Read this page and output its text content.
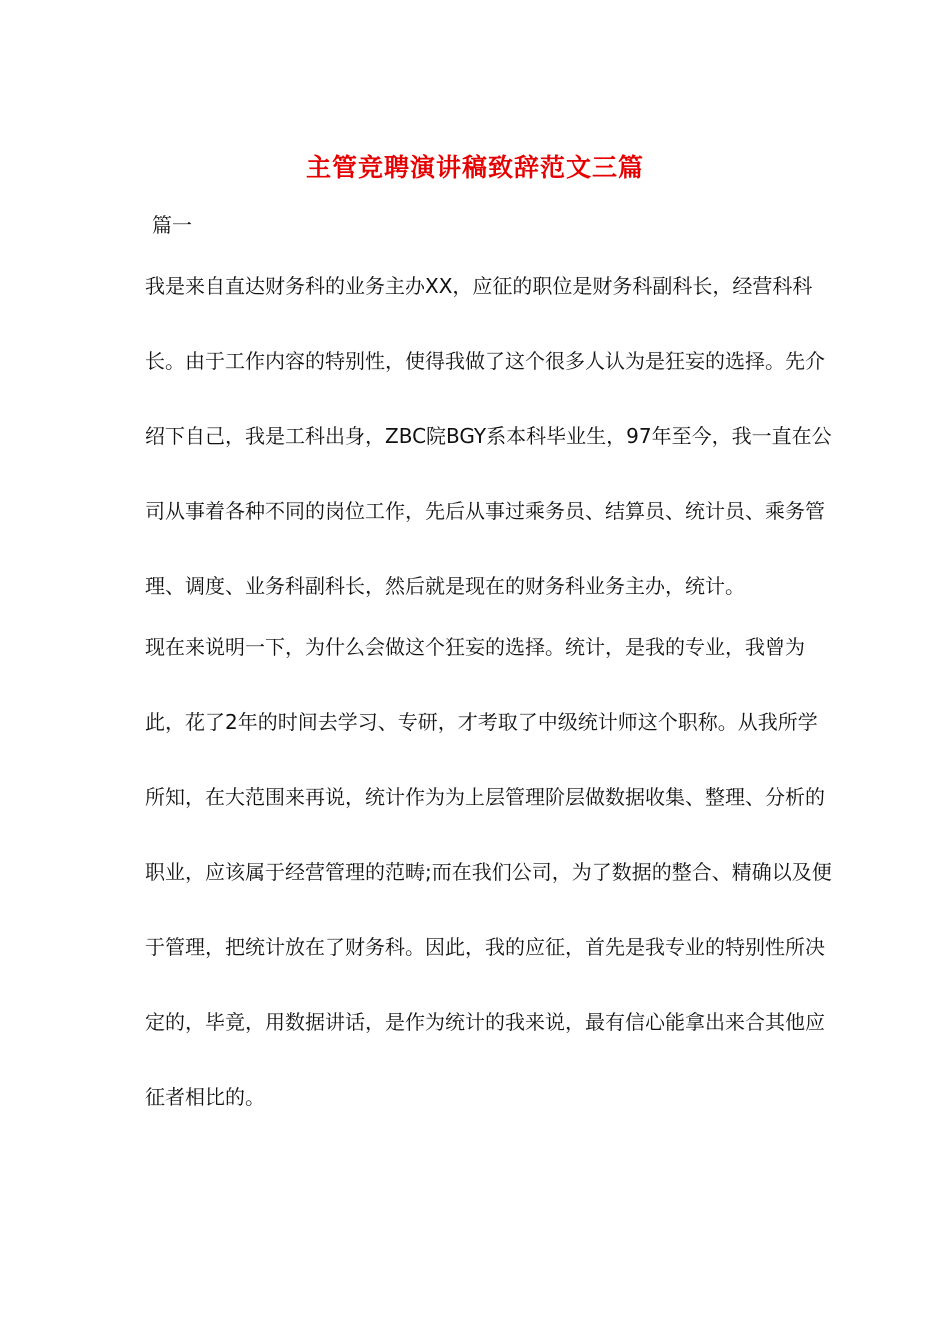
主管竞聘演讲稿致辞范文三篇
篇一
我是来自直达财务科的业务主办XX，应征的职位是财务科副科长，经营科科
长。由于工作内容的特别性，使得我做了这个很多人认为是狂妄的选择。先介
绍下自己，我是工科出身，ZBC院BGY系本科毕业生，97年至今，我一直在公
司从事着各种不同的岗位工作，先后从事过乘务员、结算员、统计员、乘务管
理、调度、业务科副科长，然后就是现在的财务科业务主办，统计。
现在来说明一下，为什么会做这个狂妄的选择。统计，是我的专业，我曾为
此，花了2年的时间去学习、专研，才考取了中级统计师这个职称。从我所学
所知，在大范围来再说，统计作为为上层管理阶层做数据收集、整理、分析的
职业，应该属于经营管理的范畴;而在我们公司，为了数据的整合、精确以及便
于管理，把统计放在了财务科。因此，我的应征，首先是我专业的特别性所决
定的，毕竟，用数据讲话，是作为统计的我来说，最有信心能拿出来合其他应
征者相比的。
